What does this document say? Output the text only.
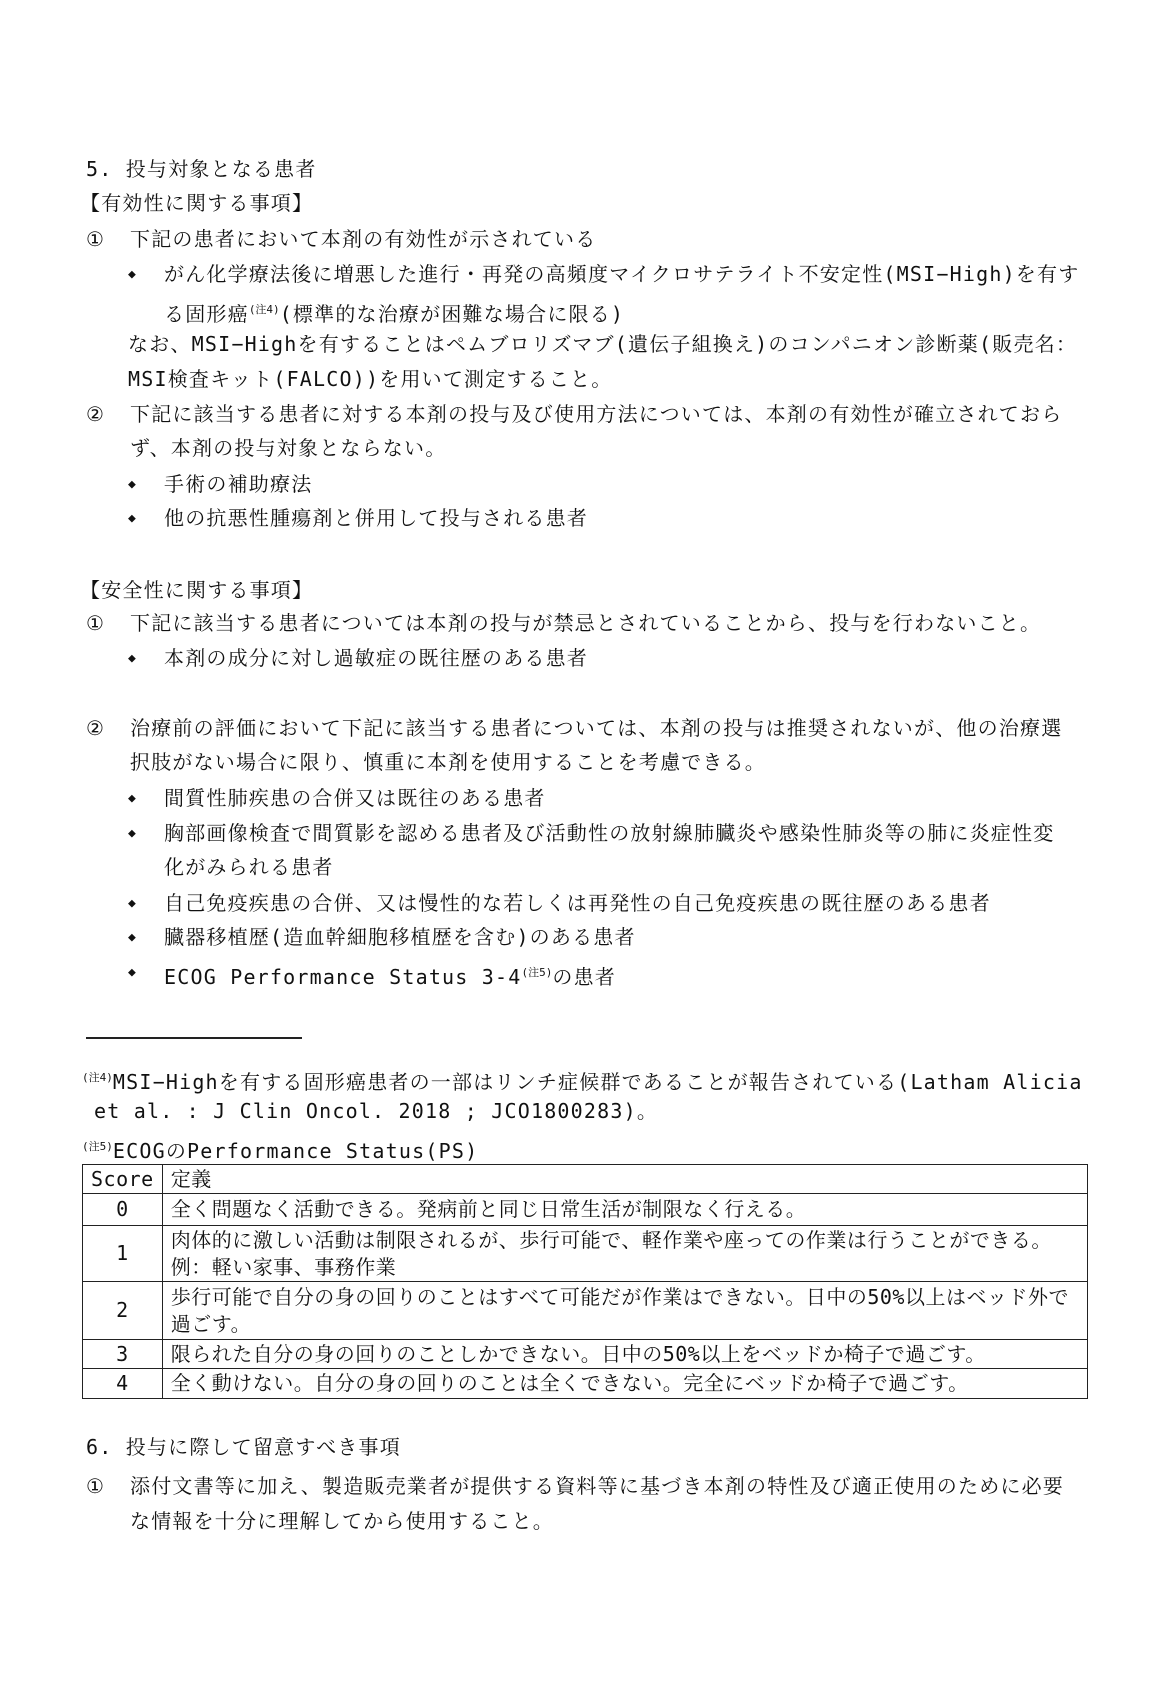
5. 投与対象となる患者
【有効性に関する事項】
① 下記の患者において本剤の有効性が示されている
◆ がん化学療法後に増悪した進行・再発の高頻度マイクロサテライト不安定性(MSI−High)を有す
る固形癌$^{(注4)}$(標準的な治療が困難な場合に限る)
なお、MSI−Highを有することはペムブロリズマブ(遺伝子組換え)のコンパニオン診断薬(販売名：
MSI検査キット(FALCO))を用いて測定すること。
② 下記に該当する患者に対する本剤の投与及び使用方法については、本剤の有効性が確立されておら
ず、本剤の投与対象とならない。
◆ 手術の補助療法
◆ 他の抗悪性腫瘍剤と併用して投与される患者
【安全性に関する事項】
① 下記に該当する患者については本剤の投与が禁忌とされていることから、投与を行わないこと。
◆ 本剤の成分に対し過敏症の既往歴のある患者
② 治療前の評価において下記に該当する患者については、本剤の投与は推奨されないが、他の治療選
択肢がない場合に限り、慎重に本剤を使用することを考慮できる。
◆ 間質性肺疾患の合併又は既往のある患者
◆ 胸部画像検査で間質影を認める患者及び活動性の放射線肺臓炎や感染性肺炎等の肺に炎症性変
化がみられる患者
◆ 自己免疫疾患の合併、又は慢性的な若しくは再発性の自己免疫疾患の既往歴のある患者
◆ 臓器移植歴(造血幹細胞移植歴を含む)のある患者
◆ ECOG Performance Status $3-4^{(注5)}$の患者
$^{(注4)}$MSI−Highを有する固形癌患者の一部はリンチ症候群であることが報告されている(Latham Alicia
et al. : J Clin Oncol. 2018 ; JCO1800283)。
$^{(注5)}$ECOGのPerformance Status(PS)
Score	定義
0	全く問題なく活動できる。発病前と同じ日常生活が制限なく行える。
1	肉体的に激しい活動は制限されるが、歩行可能で、軽作業や座っての作業は行うことができる。例：軽い家事、事務作業
2	歩行可能で自分の身の回りのことはすべて可能だが作業はできない。日中の50%以上はベッド外で過ごす。
3	限られた自分の身の回りのことしかできない。日中の50%以上をベッドか椅子で過ごす。
4	全く動けない。自分の身の回りのことは全くできない。完全にベッドか椅子で過ごす。
6. 投与に際して留意すべき事項
① 添付文書等に加え、製造販売業者が提供する資料等に基づき本剤の特性及び適正使用のために必要
な情報を十分に理解してから使用すること。
